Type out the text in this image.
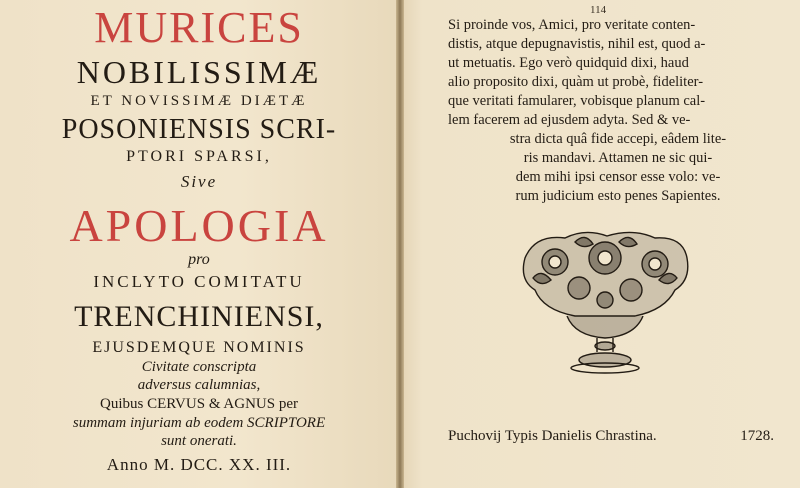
MURICES
NOBILISSIMÆ
ET NOVISSIMÆ DIÆTÆ
POSONIENSIS SCRI-
PTORI SPARSI,
Sive
APOLOGIA
pro
INCLYTO COMITATU
TRENCHINIENSI,
EJUSDEMQUE NOMINIS
Civitate conscripta
adversus calumnias,
Quibus CERVUS & AGNUS per
summam injuriam ab eodem SCRIPTORE
sunt onerati.
Anno M. DCC. XX. III.
114
Si proinde vos, Amici, pro veritate conten-
distis, atque depugnavistis, nihil est, quod a-
ut metuatis. Ego verò quidquid dixi, haud
alio proposito dixi, quàm ut probè, fideliter-
que veritati famularer, vobisque planum cal-
lem facerem ad ejusdem adyta. Sed & ve-
stra dicta quâ fide accepi, eâdem lite-
ris mandavi. Attamen ne sic qui-
dem mihi ipsi censor esse volo: ve-
rum judicium esto penes Sapientes.
Puchovij Typis Danielis Chrastina.	1728.
